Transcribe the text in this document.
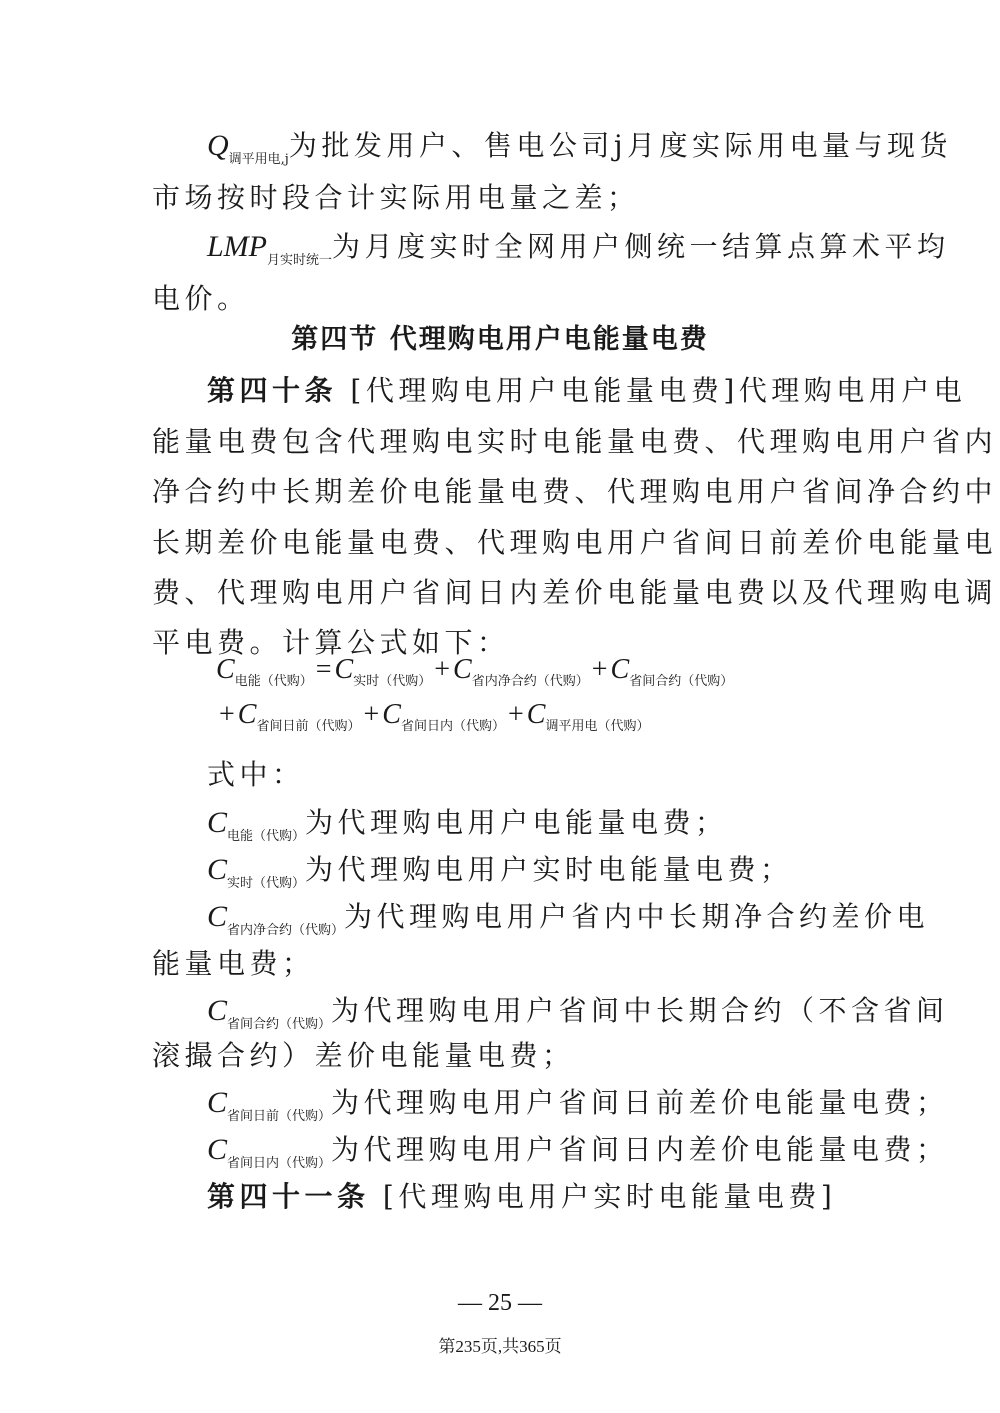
$Q_{调平用电,j}$为批发用户、售电公司j月度实际用电量与现货
市场按时段合计实际用电量之差；
$LMP_{月实时统一}$为月度实时全网用户侧统一结算点算术平均
电价。
第四节 代理购电用户电能量电费
第四十条 [代理购电用户电能量电费]代理购电用户电
能量电费包含代理购电实时电能量电费、代理购电用户省内
净合约中长期差价电能量电费、代理购电用户省间净合约中
长期差价电能量电费、代理购电用户省间日前差价电能量电
费、代理购电用户省间日内差价电能量电费以及代理购电调
平电费。计算公式如下：
$C_{电能(代购)} = C_{实时(代购)} + C_{省内净合约(代购)} + C_{省间合约(代购)}$
+ $C_{省间日前(代购)} + C_{省间日内(代购)} + C_{调平用电(代购)}$
式中：
$C_{电能(代购)}$为代理购电用户电能量电费；
$C_{实时(代购)}$为代理购电用户实时电能量电费；
$C_{省内净合约(代购)}$为代理购电用户省内中长期净合约差价电
能量电费；
$C_{省间合约(代购)}$为代理购电用户省间中长期合约（不含省间
滚撮合约）差价电能量电费；
$C_{省间日前(代购)}$为代理购电用户省间日前差价电能量电费；
$C_{省间日内(代购)}$为代理购电用户省间日内差价电能量电费；
第四十一条 [代理购电用户实时电能量电费]
— 25 —
第235页,共365页
